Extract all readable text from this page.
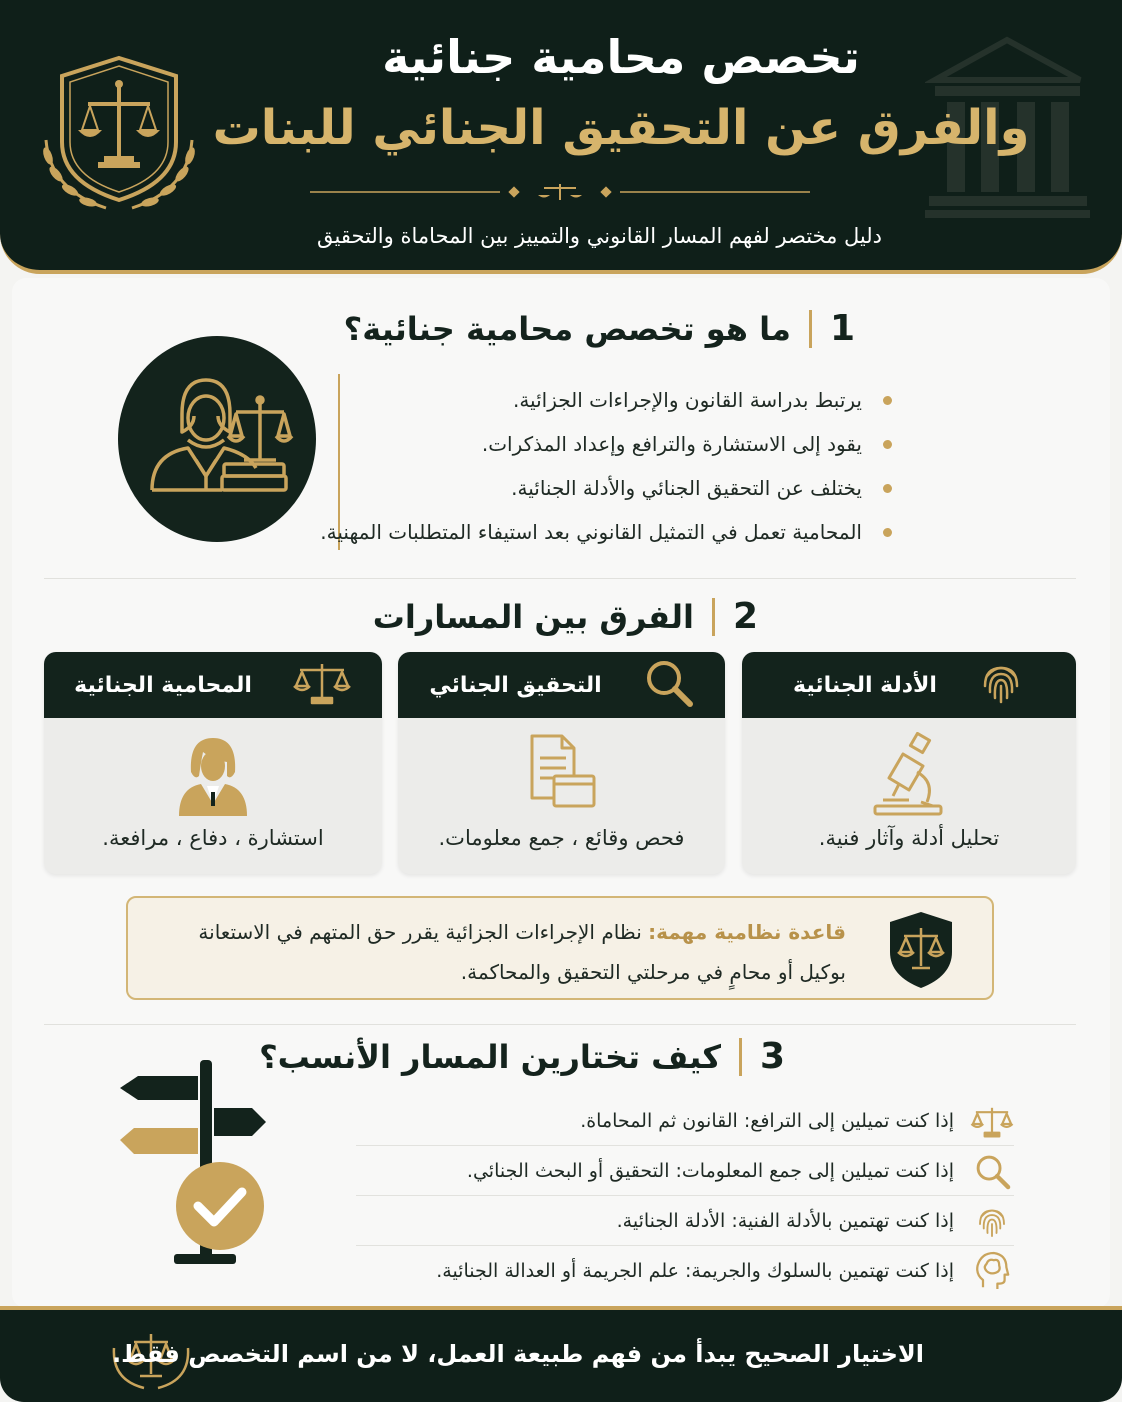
تخصص محامية جنائية
والفرق عن التحقيق الجنائي للبنات
دليل مختصر لفهم المسار القانوني والتمييز بين المحاماة والتحقيق
1
ما هو تخصص محامية جنائية؟
يرتبط بدراسة القانون والإجراءات الجزائية.
يقود إلى الاستشارة والترافع وإعداد المذكرات.
يختلف عن التحقيق الجنائي والأدلة الجنائية.
المحامية تعمل في التمثيل القانوني بعد استيفاء المتطلبات المهنية.
2
الفرق بين المسارات
الأدلة الجنائية
تحليل أدلة وآثار فنية.
التحقيق الجنائي
فحص وقائع ، جمع معلومات.
المحامية الجنائية
استشارة ، دفاع ، مرافعة.
قاعدة نظامية مهمة: نظام الإجراءات الجزائية يقرر حق المتهم في الاستعانة
بوكيل أو محامٍ في مرحلتي التحقيق والمحاكمة.
3
كيف تختارين المسار الأنسب؟
إذا كنت تميلين إلى الترافع: القانون ثم المحاماة.
إذا كنت تميلين إلى جمع المعلومات: التحقيق أو البحث الجنائي.
إذا كنت تهتمين بالأدلة الفنية: الأدلة الجنائية.
إذا كنت تهتمين بالسلوك والجريمة: علم الجريمة أو العدالة الجنائية.
الاختيار الصحيح يبدأ من فهم طبيعة العمل، لا من اسم التخصص فقط.
